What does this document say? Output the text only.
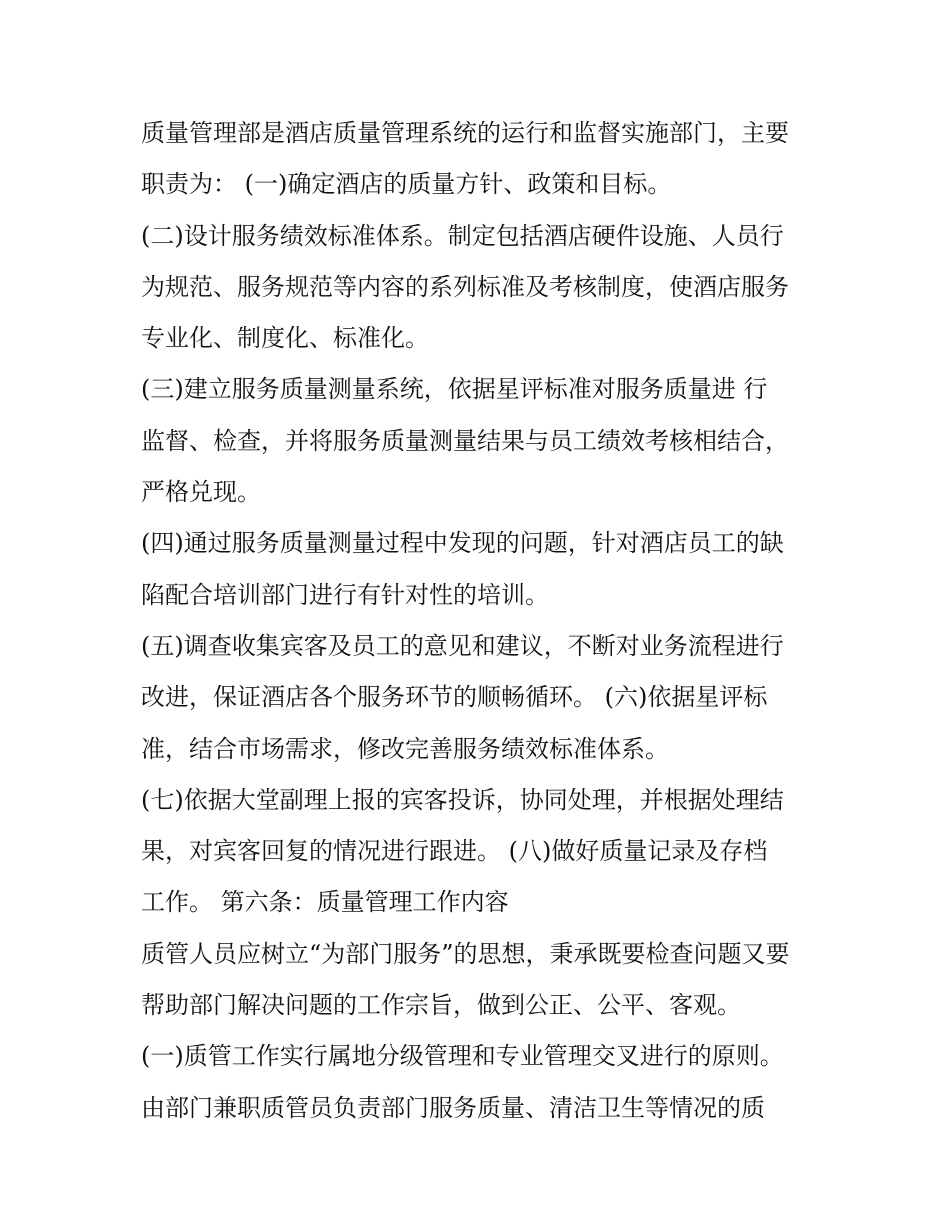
质量管理部是酒店质量管理系统的运行和监督实施部门，主要
职责为： (一)确定酒店的质量方针、政策和目标。
(二)设计服务绩效标准体系。制定包括酒店硬件设施、人员行
为规范、服务规范等内容的系列标准及考核制度，使酒店服务
专业化、制度化、标准化。
(三)建立服务质量测量系统，依据星评标准对服务质量进 行
监督、检查，并将服务质量测量结果与员工绩效考核相结合，
严格兑现。
(四)通过服务质量测量过程中发现的问题，针对酒店员工的缺
陷配合培训部门进行有针对性的培训。
(五)调查收集宾客及员工的意见和建议，不断对业务流程进行
改进，保证酒店各个服务环节的顺畅循环。 (六)依据星评标
准，结合市场需求，修改完善服务绩效标准体系。
(七)依据大堂副理上报的宾客投诉，协同处理，并根据处理结
果，对宾客回复的情况进行跟进。 (八)做好质量记录及存档
工作。 第六条：质量管理工作内容
质管人员应树立“为部门服务”的思想，秉承既要检查问题又要
帮助部门解决问题的工作宗旨，做到公正、公平、客观。
(一)质管工作实行属地分级管理和专业管理交叉进行的原则。
由部门兼职质管员负责部门服务质量、清洁卫生等情况的质
